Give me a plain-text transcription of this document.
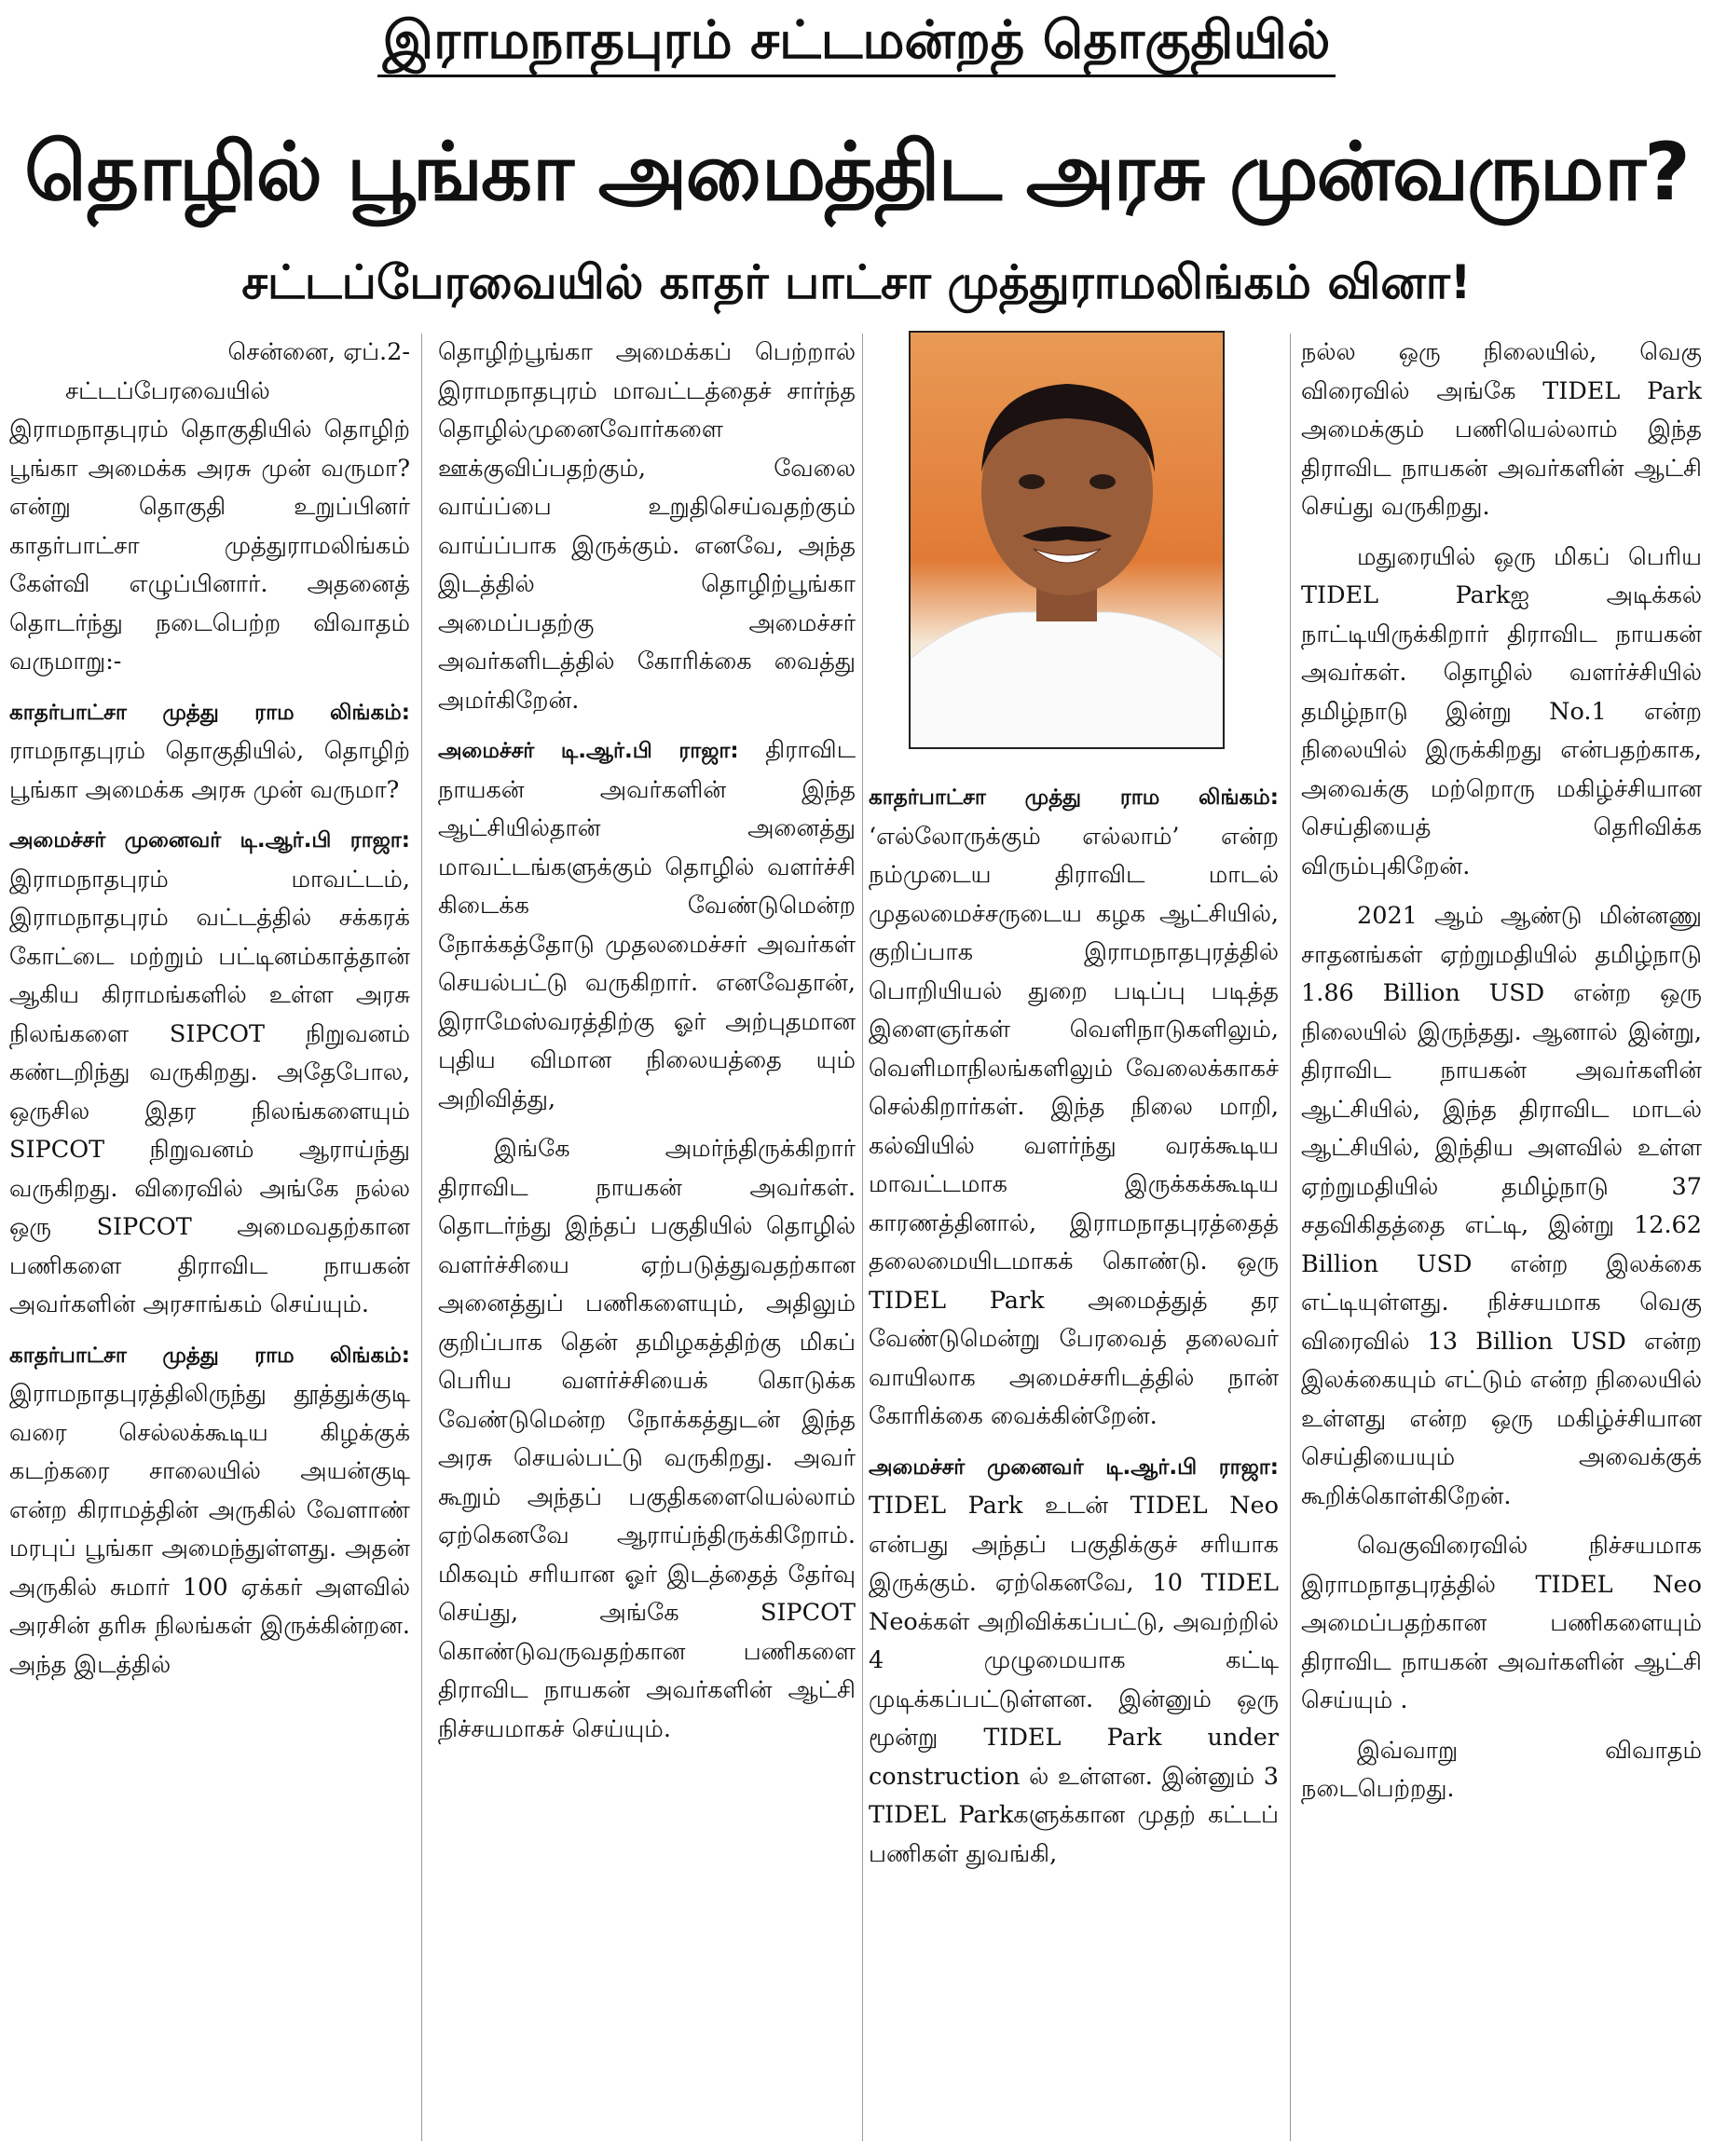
இராமநாதபுரம் சட்டமன்றத் தொகுதியில்
தொழில் பூங்கா அமைத்திட அரசு முன்வருமா?
சட்டப்பேரவையில் காதர் பாட்சா முத்துராமலிங்கம் வினா!
சென்னை, ஏப்.2-

சட்டப்பேரவையில் இராமநாதபுரம் தொகுதியில் தொழிற் பூங்கா அமைக்க அரசு முன் வருமா? என்று தொகுதி உறுப்பினர் காதர்பாட்சா முத்துராமலிங்கம் கேள்வி எழுப்பினார். அதனைத் தொடர்ந்து நடைபெற்ற விவாதம் வருமாறு:-

காதர்பாட்சா முத்து ராம லிங்கம்: ராமநாதபுரம் தொகுதியில், தொழிற் பூங்கா அமைக்க அரசு முன் வருமா?

அமைச்சர் முனைவர் டி.ஆர்.பி ராஜா: இராமநாதபுரம் மாவட்டம், இராமநாதபுரம் வட்டத்தில் சக்கரக் கோட்டை மற்றும் பட்டினம்காத்தான் ஆகிய கிராமங்களில் உள்ள அரசு நிலங்களை SIPCOT நிறுவனம் கண்டறிந்து வருகிறது. அதேபோல, ஒருசில இதர நிலங்களையும் SIPCOT நிறுவனம் ஆராய்ந்து வருகிறது. விரைவில் அங்கே நல்ல ஒரு SIPCOT அமைவதற்கான பணிகளை திராவிட நாயகன் அவர்களின் அரசாங்கம் செய்யும்.

காதர்பாட்சா முத்து ராம லிங்கம்: இராமநாதபுரத்திலிருந்து தூத்துக்குடி வரை செல்லக்கூடிய கிழக்குக் கடற்கரை சாலையில் அயன்குடி என்ற கிராமத்தின் அருகில் வேளாண் மரபுப் பூங்கா அமைந்துள்ளது. அதன் அருகில் சுமார் 100 ஏக்கர் அளவில் அரசின் தரிசு நிலங்கள் இருக்கின்றன. அந்த இடத்தில்

தொழிற்பூங்கா அமைக்கப் பெற்றால் இராமநாதபுரம் மாவட்டத்தைச் சார்ந்த தொழில்முனைவோர்களை ஊக்குவிப்பதற்கும், வேலை வாய்ப்பை உறுதிசெய்வதற்கும் வாய்ப்பாக இருக்கும். எனவே, அந்த இடத்தில் தொழிற்பூங்கா அமைப்பதற்கு அமைச்சர் அவர்களிடத்தில் கோரிக்கை வைத்து அமர்கிறேன்.

அமைச்சர் டி.ஆர்.பி ராஜா: திராவிட நாயகன் அவர்களின் இந்த ஆட்சியில்தான் அனைத்து மாவட்டங்களுக்கும் தொழில் வளர்ச்சி கிடைக்க வேண்டுமென்ற நோக்கத்தோடு முதலமைச்சர் அவர்கள் செயல்பட்டு வருகிறார். எனவேதான், இராமேஸ்வரத்திற்கு ஓர் அற்புதமான புதிய விமான நிலையத்தை யும் அறிவித்து,

இங்கே அமர்ந்திருக்கிறார் திராவிட நாயகன் அவர்கள். தொடர்ந்து இந்தப் பகுதியில் தொழில் வளர்ச்சியை ஏற்படுத்துவதற்கான அனைத்துப் பணிகளையும், அதிலும் குறிப்பாக தென் தமிழகத்திற்கு மிகப் பெரிய வளர்ச்சியைக் கொடுக்க வேண்டுமென்ற நோக்கத்துடன் இந்த அரசு செயல்பட்டு வருகிறது. அவர் கூறும் அந்தப் பகுதிகளையெல்லாம் ஏற்கெனவே ஆராய்ந்திருக்கிறோம். மிகவும் சரியான ஓர் இடத்தைத் தேர்வு செய்து, அங்கே SIPCOT கொண்டுவருவதற்கான பணிகளை திராவிட நாயகன் அவர்களின் ஆட்சி நிச்சயமாகச் செய்யும்.

காதர்பாட்சா முத்து ராம லிங்கம்: ‘எல்லோருக்கும் எல்லாம்’ என்ற நம்முடைய திராவிட மாடல் முதலமைச்சருடைய கழக ஆட்சியில், குறிப்பாக இராமநாதபுரத்தில் பொறியியல் துறை படிப்பு படித்த இளைஞர்கள் வெளிநாடுகளிலும், வெளிமாநிலங்களிலும் வேலைக்காகச் செல்கிறார்கள். இந்த நிலை மாறி, கல்வியில் வளர்ந்து வரக்கூடிய மாவட்டமாக இருக்கக்கூடிய காரணத்தினால், இராமநாதபுரத்தைத் தலைமையிடமாகக் கொண்டு. ஒரு TIDEL Park அமைத்துத் தர வேண்டுமென்று பேரவைத் தலைவர் வாயிலாக அமைச்சரிடத்தில் நான் கோரிக்கை வைக்கின்றேன்.

அமைச்சர் முனைவர் டி.ஆர்.பி ராஜா: TIDEL Park உடன் TIDEL Neo என்பது அந்தப் பகுதிக்குச் சரியாக இருக்கும். ஏற்கெனவே, 10 TIDEL Neoக்கள் அறிவிக்கப்பட்டு, அவற்றில் 4 முழுமையாக கட்டி முடிக்கப்பட்டுள்ளன. இன்னும் ஒரு மூன்று TIDEL Park under construction ல் உள்ளன. இன்னும் 3 TIDEL Parkகளுக்கான முதற் கட்டப் பணிகள் துவங்கி,

நல்ல ஒரு நிலையில், வெகு விரைவில் அங்கே TIDEL Park அமைக்கும் பணியெல்லாம் இந்த திராவிட நாயகன் அவர்களின் ஆட்சி செய்து வருகிறது.

மதுரையில் ஒரு மிகப் பெரிய TIDEL Parkஐ அடிக்கல் நாட்டியிருக்கிறார் திராவிட நாயகன் அவர்கள். தொழில் வளர்ச்சியில் தமிழ்நாடு இன்று No.1 என்ற நிலையில் இருக்கிறது என்பதற்காக, அவைக்கு மற்றொரு மகிழ்ச்சியான செய்தியைத் தெரிவிக்க விரும்புகிறேன்.

2021 ஆம் ஆண்டு மின்னணு சாதனங்கள் ஏற்றுமதியில் தமிழ்நாடு 1.86 Billion USD என்ற ஒரு நிலையில் இருந்தது. ஆனால் இன்று, திராவிட நாயகன் அவர்களின் ஆட்சியில், இந்த திராவிட மாடல் ஆட்சியில், இந்திய அளவில் உள்ள ஏற்றுமதியில் தமிழ்நாடு 37 சதவிகிதத்தை எட்டி, இன்று 12.62 Billion USD என்ற இலக்கை எட்டியுள்ளது. நிச்சயமாக வெகு விரைவில் 13 Billion USD என்ற இலக்கையும் எட்டும் என்ற நிலையில் உள்ளது என்ற ஒரு மகிழ்ச்சியான செய்தியையும் அவைக்குக் கூறிக்கொள்கிறேன்.

வெகுவிரைவில் நிச்சயமாக இராமநாதபுரத்தில் TIDEL Neo அமைப்பதற்கான பணிகளையும் திராவிட நாயகன் அவர்களின் ஆட்சி செய்யும் .

இவ்வாறு விவாதம் நடைபெற்றது.
